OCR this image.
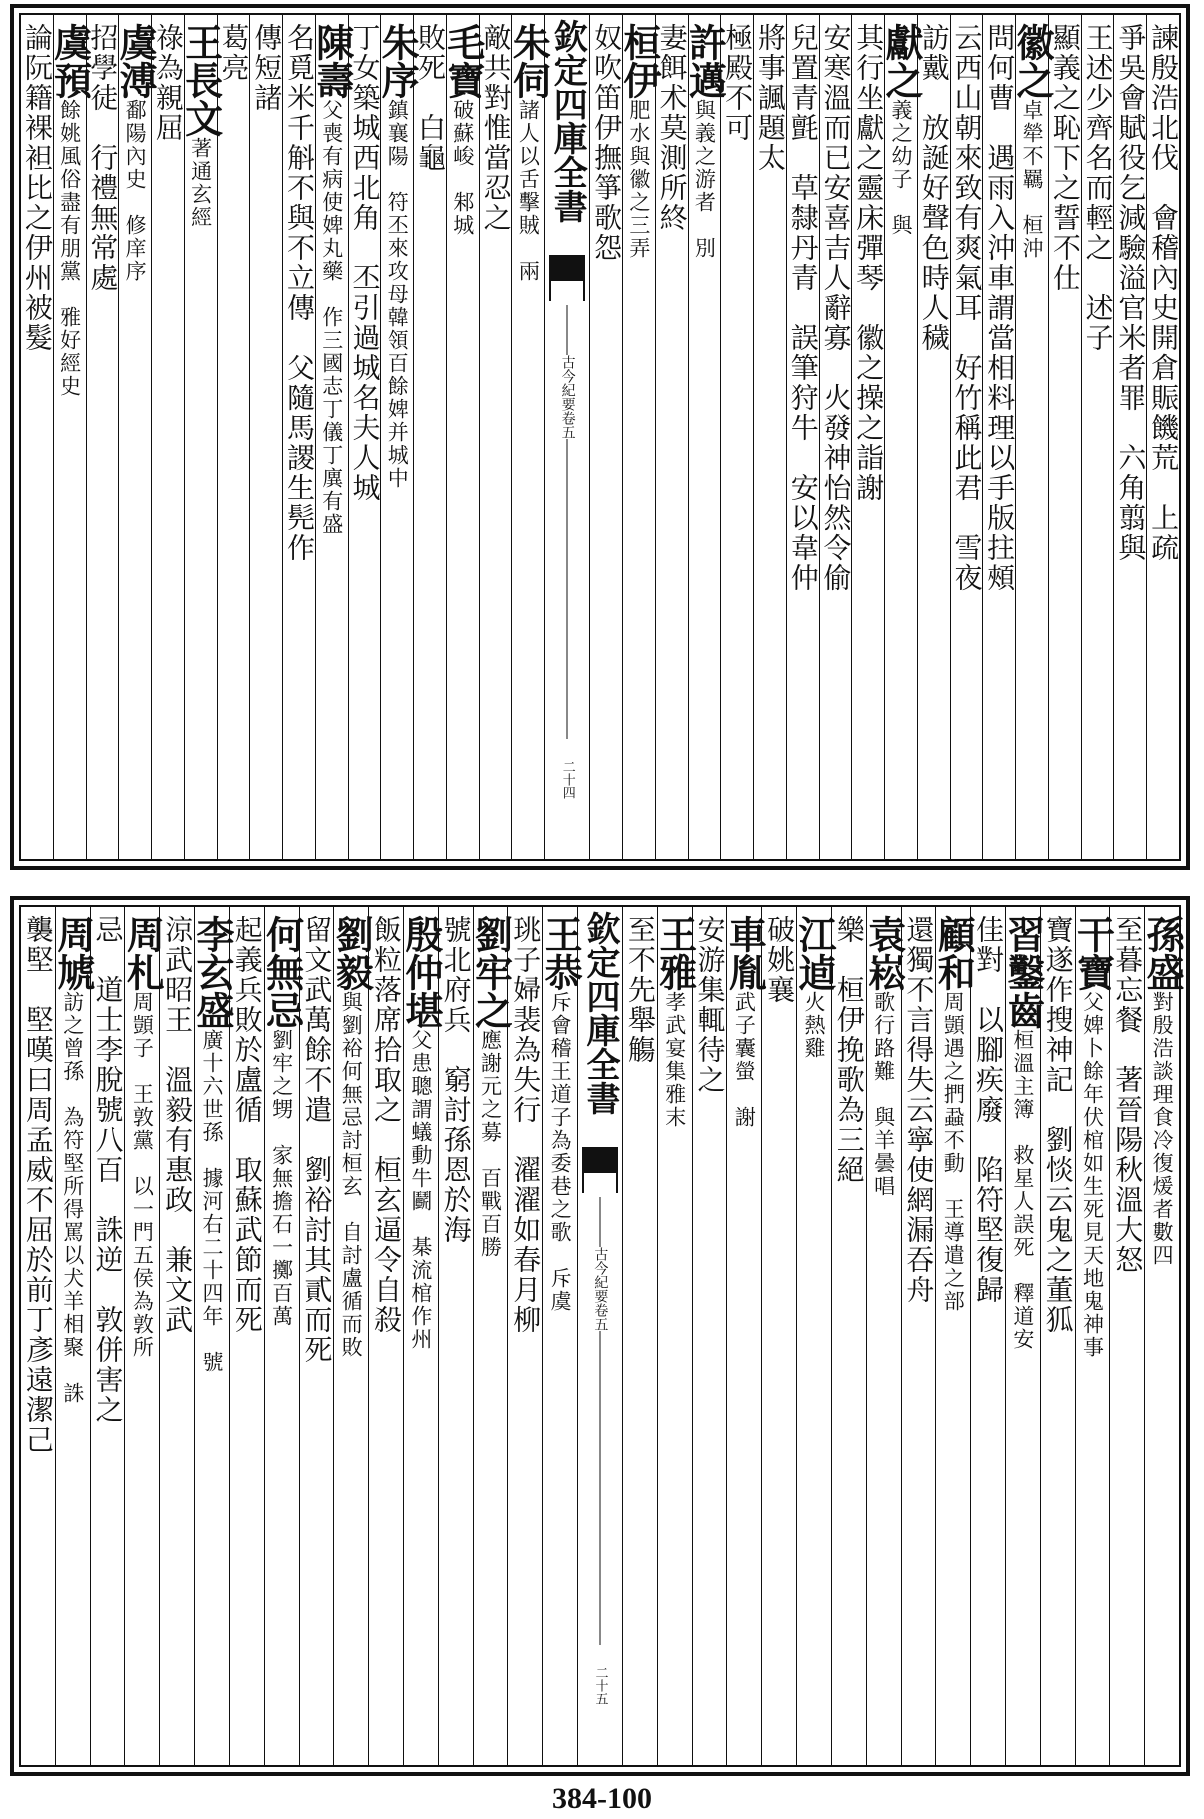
諫殷浩北伐　會稽內史開倉賑饑荒　上疏
爭吳會賦役乞減驗溢官米者罪　六角翦與
王述少齊名而輕之　述子
顯義之恥下之誓不仕
徽之卓犖不羈　桓沖
問何曹　遇雨入沖車謂當相料理以手版拄頰
云西山朝來致有爽氣耳　好竹稱此君　雪夜
訪戴　放誕好聲色時人穢
獻之義之幼子　與
其行坐獻之靈床彈琴　徽之操之詣謝
安寒溫而已安喜吉人辭寡　火發神怡然令偷
兒置青氈　草隸丹青　誤筆狩牛　安以韋仲
將事諷題太
極殿不可
許邁與義之游者　別
妻餌术莫測所終
桓伊肥水與徽之三弄
奴吹笛伊撫箏歌怨
欽定四庫全書
古今紀要卷五
二十四
朱伺諸人以舌擊賊　兩
敵共對惟當忍之
毛寶破蘇峻　邾城
敗死　白龜
朱序鎮襄陽　符丕來攻母韓領百餘婢并城中
丁女築城西北角　丕引過城名夫人城
陳壽父喪有病使婢丸藥　作三國志丁儀丁廙有盛
名覓米千斛不與不立傳　父隨馬謖生髡作
傳短諸
葛亮
王長文著通玄經
祿為親屈
虞溥鄱陽內史　修庠序
招學徒　行禮無常處
虞預餘姚風俗盡有朋黨　雅好經史
論阮籍裸袒比之伊州被髮
孫盛對殷浩談理食冷復煖者數四
至暮忘餐　著晉陽秋溫大怒
干寶父婢卜餘年伏棺如生死見天地鬼神事
寶遂作搜神記　劉惔云鬼之董狐
習鑿齒桓溫主簿　救星人誤死　釋道安
佳對　以腳疾廢　陷符堅復歸
顧和周顗遇之捫蝨不動　王導遣之部
還獨不言得失云寧使網漏吞舟
袁崧歌行路難　與羊曇唱
樂　桓伊挽歌為三絕
江逌火熱雞
破姚襄
車胤武子囊螢　謝
安游集輒待之
王雅孝武宴集雅末
至不先舉觴
欽定四庫全書
古今紀要卷五
二十五
王恭斥會稽王道子為委巷之歌　斥虞
珧子婦裴為失行　濯濯如春月柳
劉牢之應謝元之募　百戰百勝
號北府兵　窮討孫恩於海
殷仲堪父患聰謂蟻動牛鬬　棊流棺作州
飯粒落席拾取之　桓玄逼令自殺
劉毅與劉裕何無忌討桓玄　自討盧循而敗
留文武萬餘不遣　劉裕討其貳而死
何無忌劉牢之甥　家無擔石一擲百萬
起義兵敗於盧循　取蘇武節而死
李玄盛廣十六世孫　據河右二十四年　號
涼武昭王　溫毅有惠政　兼文武
周札周顗子　王敦黨　以一門五侯為敦所
忌　道士李脫號八百　誅逆　敦併害之
周虓訪之曾孫　為符堅所得罵以犬羊相聚　誅
襲堅　堅嘆曰周孟威不屈於前丁彥遠潔己
384-100
